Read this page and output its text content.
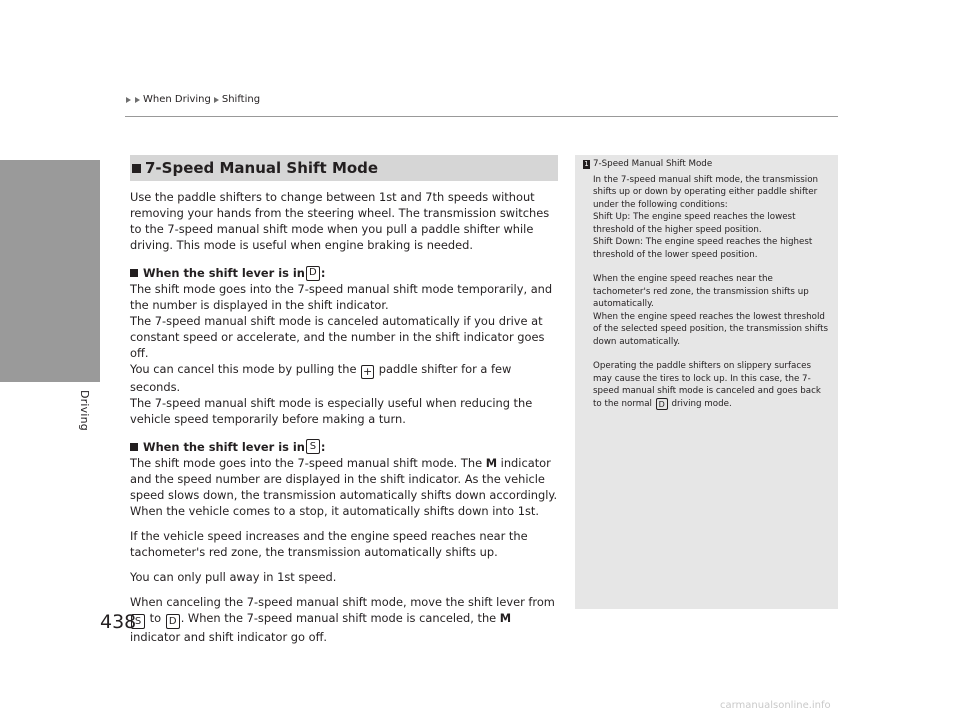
When Driving Shifting
Driving
438
7-Speed Manual Shift Mode

Use the paddle shifters to change between 1st and 7th speeds without removing your hands from the steering wheel. The transmission switches to the 7-speed manual shift mode when you pull a paddle shifter while driving. This mode is useful when engine braking is needed.

When the shift lever is in D :

The shift mode goes into the 7-speed manual shift mode temporarily, and the number is displayed in the shift indicator.

The 7-speed manual shift mode is canceled automatically if you drive at constant speed or accelerate, and the number in the shift indicator goes off.

You can cancel this mode by pulling the + paddle shifter for a few seconds.

The 7-speed manual shift mode is especially useful when reducing the vehicle speed temporarily before making a turn.

When the shift lever is in S :

The shift mode goes into the 7-speed manual shift mode. The M indicator and the speed number are displayed in the shift indicator. As the vehicle speed slows down, the transmission automatically shifts down accordingly. When the vehicle comes to a stop, it automatically shifts down into 1st.

If the vehicle speed increases and the engine speed reaches near the tachometer's red zone, the transmission automatically shifts up.

You can only pull away in 1st speed.

When canceling the 7-speed manual shift mode, move the shift lever from S to D . When the 7-speed manual shift mode is canceled, the M indicator and shift indicator go off.

1 7-Speed Manual Shift Mode

In the 7-speed manual shift mode, the transmission shifts up or down by operating either paddle shifter under the following conditions:

Shift Up: The engine speed reaches the lowest threshold of the higher speed position.

Shift Down: The engine speed reaches the highest threshold of the lower speed position.

When the engine speed reaches near the tachometer's red zone, the transmission shifts up automatically.

When the engine speed reaches the lowest threshold of the selected speed position, the transmission shifts down automatically.

Operating the paddle shifters on slippery surfaces may cause the tires to lock up. In this case, the 7-speed manual shift mode is canceled and goes back to the normal D driving mode.

carmanualsonline.info
